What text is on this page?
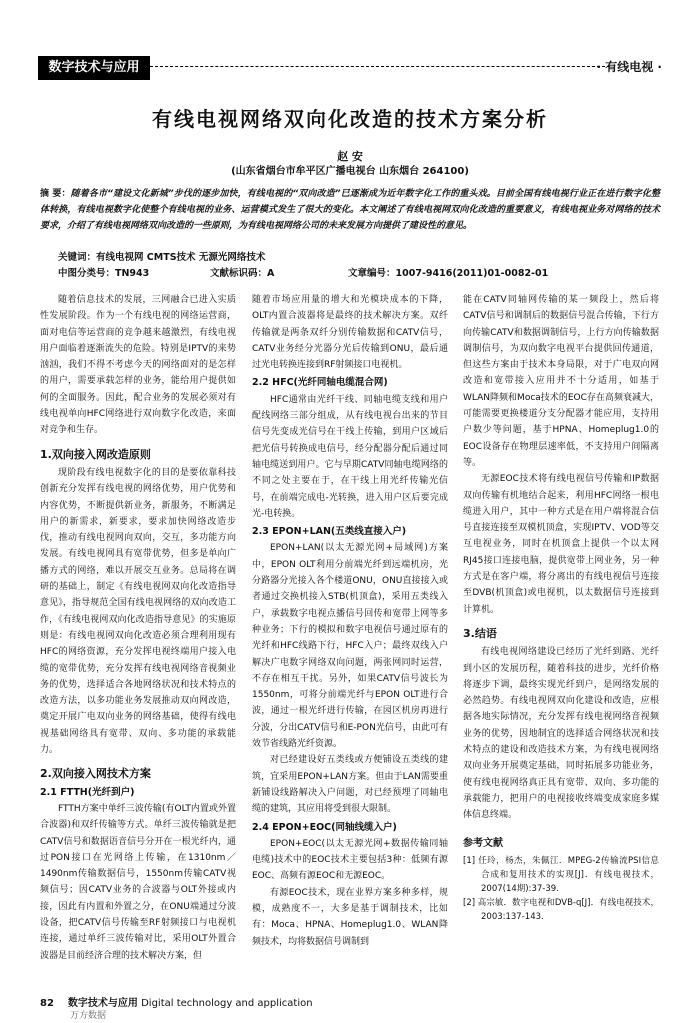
数字技术与应用	· 有线电视 ·
有线电视网络双向化改造的技术方案分析
赵 安
(山东省烟台市牟平区广播电视台 山东烟台 264100)
摘 要：随着各市“建设文化新城”步伐的逐步加快，有线电视的“双向改造”已逐渐成为近年数字化工作的重头戏。目前全国有线电视行业正在进行数字化整体转换，有线电视数字化使整个有线电视的业务、运营模式发生了很大的变化。本文阐述了有线电视网双向化改造的重要意义，有线电视业务对网络的技术要求，介绍了有线电视网络双向改造的一些原则，为有线电视网络公司的未来发展方向提供了建设性的意见。
关键词：有线电视网 CMTS技术 无源光网络技术
中图分类号：TN943	文献标识码：A	文章编号：1007-9416(2011)01-0082-01

随着信息技术的发展，三网融合已进入实质性发展阶段。作为一个有线电视的网络运营商，面对电信等运营商的竞争越来越激烈，有线电视用户面临着逐渐流失的危险。特别是IPTV的来势汹汹，我们不得不考虑今天的网络面对的是怎样的用户，需要承载怎样的业务，能给用户提供如何的全面服务。因此，配合业务的发展必须对有线电视单向HFC网络进行双向数字化改造，来面对竞争和生存。

1.双向接入网改造原则

现阶段有线电视数字化的目的是要依靠科技创新充分发挥有线电视的网络优势，用户优势和内容优势，不断提供新业务，新服务，不断满足用户的新需求，新要求，要求加快网络改造步伐，推动有线电视网向双向，交互，多功能方向发展。有线电视网具有宽带优势，但多是单向广播方式的网络，难以开展交互业务。总局将在调研的基础上，制定《有线电视网双向化改造指导意见》，指导规范全国有线电视网络的双向改造工作，《有线电视网双向化改造指导意见》的实施原则是：有线电视网双向化改造必须合理利用现有HFC的网络资源，充分发挥电视终端用户接入电缆的宽带优势，充分发挥有线电视网络音视频业务的优势，选择适合各地网络状况和技术特点的改造方法，以多功能业务发展推动双向网改造，奠定开展广电双向业务的网络基础，使得有线电视基础网络具有宽带、双向、多功能的承载能力。

2.双向接入网技术方案
2.1 FTTH(光纤到户)

FTTH方案中单纤三波传输(有OLT内置或外置合波器)和双纤传输等方式。单纤三波传输就是把CATV信号和数据语音信号分开在一根光纤内，通过PON接口在光网络上传输，在1310nm／1490nm传输数据信号，1550nm传输CATV视频信号；因CATV业务的合波器与OLT外接或内接，因此有内置和外置之分，在ONU端通过分波设备，把CATV信号传输至RF射频接口与电视机连接，通过单纤三波传输对比，采用OLT外置合波器是目前经济合理的技术解决方案，但

随着市场应用量的增大和光模块成本的下降，OLT内置合波器将是最终的技术解决方案。双纤传输就是两条双纤分别传输数据和CATV信号，CATV业务经分光器分光后传输到ONU，最后通过光电转换连接到RF射频接口电视机。

2.2 HFC(光纤同轴电缆混合网)

HFC通常由光纤干线、同轴电缆支线和用户配线网络三部分组成，从有线电视台出来的节目信号先变成光信号在干线上传输，到用户区域后把光信号转换成电信号，经分配器分配后通过同轴电缆送到用户。它与早期CATV同轴电缆网络的不同之处主要在于，在干线上用光纤传输光信号，在前端完成电-光转换，进入用户区后要完成光-电转换。

2.3 EPON+LAN(五类线直接入户)

EPON+LAN(以太无源光网+局域网)方案中，EPON OLT利用分前端光纤到远端机房，光分路器分光接入各个楼道ONU，ONU直接接入或者通过交换机接入STB(机顶盒)，采用五类线入户，承载数字电视点播信号回传和宽带上网等多种业务；下行的模拟和数字电视信号通过原有的光纤和HFC线路下行，HFC入户；最终双线入户解决广电数字网络双向问题，两张网同时运营，不存在相互干扰。另外，如果CATV信号波长为1550nm，可将分前端光纤与EPON OLT进行合波，通过一根光纤进行传输，在园区机房再进行分波，分出CATV信号和E-PON光信号，由此可有效节省线路光纤资源。

对已经建设好五类线或方便铺设五类线的建筑，宜采用EPON+LAN方案。但由于LAN需要重新铺设线路解决入户问题，对已经预埋了同轴电缆的建筑，其应用将受到很大限制。

2.4 EPON+EOC(同轴线缆入户)

EPON+EOC(以太无源光网+数据传输同轴电缆)技术中的EOC技术主要包括3种：低频有源EOC、高频有源EOC和无源EOC。

有源EOC技术，现在业界方案多种多样，规模，成熟度不一，大多是基于调制技术，比如有：Moca、HPNA、Homeplug1.0、WLAN降频技术，均将数据信号调制到

能在CATV同轴网传输的某一频段上，然后将CATV信号和调制后的数据信号混合传输，下行方向传输CATV和数据调制信号，上行方向传输数据调制信号，为双向数字电视平台提供回传通道，但这些方案由于技术本身局限，对于广电双向网改造和宽带接入应用并不十分适用，如基于WLAN降频和Moca技术的EOC存在高频衰减大，可能需要更换楼道分支分配器才能应用，支持用户数少等问题，基于HPNA、Homeplug1.0的EOC设备存在物理层速率低，不支持用户间隔离等。

无源EOC技术将有线电视信号传输和IP数据双向传输有机地结合起来，利用HFC网络一根电缆进入用户，其中一种方式是在用户端将混合信号直接连接至双模机顶盒，实现IPTV、VOD等交互电视业务，同时在机顶盒上提供一个以太网RJ45接口连接电脑，提供宽带上网业务，另一种方式是在客户端，将分离出的有线电视信号连接至DVB(机顶盒)或电视机，以太数据信号连接到计算机。

3.结语

有线电视网络建设已经历了光纤到路、光纤到小区的发展历程，随着科技的进步，光纤价格将逐步下调，最终实现光纤到户，是网络发展的必然趋势。有线电视网双向化建设和改造，应根据各地实际情况，充分发挥有线电视网络音视频业务的优势，因地制宜的选择适合网络状况和技术特点的建设和改造技术方案，为有线电视网络双向业务开展奠定基础，同时拓展多功能业务，使有线电视网络真正具有宽带、双向、多功能的承载能力，把用户的电视接收终端变成家庭多媒体信息终端。

参考文献
[1] 任玲，杨杰，朱佩江．MPEG-2传输流PSI信息合成和复用技术的实现[J]．有线电视技术，2007(14期):37-39.
[2] 高宗敏．数字电视和DVB-q[J]．有线电视技术，2003:137-143.
82 数字技术与应用 Digital technology and application
万方数据
